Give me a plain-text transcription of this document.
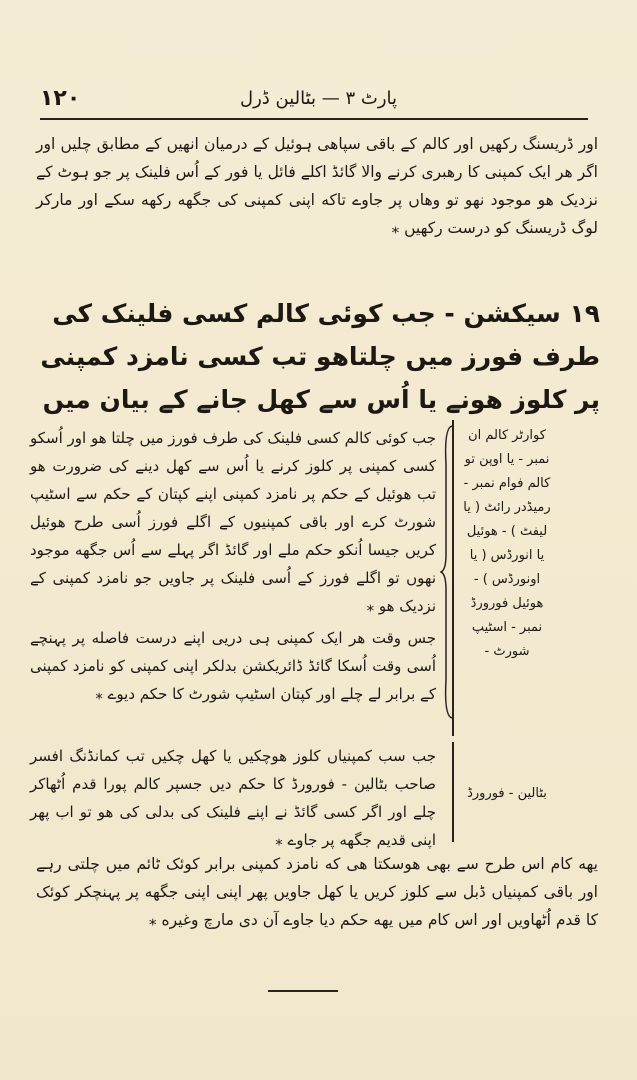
۱۲۰	پارٹ ۳ — بٹالین ڈرل
اور ڈریسنگ رکھیں اور کالم کے باقی سپاهی ہوئیل کے درمیان انھیں کے مطابق چلیں اور اگر هر ایک کمپنی کا رهبری کرنے والا گائڈ اکلے فائل یا فور کے اُس فلینک پر جو ہوٹ کے نزدیک هو موجود نهو تو وهاں پر جاوے تاکه اپنی کمپنی کی جگهه رکهه سکے اور مارکر لوگ ڈریسنگ کو درست رکهیں ⁎
۱۹ سیکشن - جب کوئی کالم کسی فلینک کی طرف فورز میں چلتاهو تب کسی نامزد کمپنی پر کلوز هونے یا اُس سے کهل جانے کے بیان میں
کوارٹر کالم ان نمبر - یا اوپن تو کالم فوام نمبر - رمیڈدر رائٹ ( یا لیفٹ ) - هوئیل یا انورڈس ( یا اونورڈس ) - هوئیل فورورڈ نمبر - اسٹیپ شورٹ -
جب کوئی کالم کسی فلینک کی طرف فورز میں چلتا هو اور اُسکو کسی کمپنی پر کلوز کرنے یا اُس سے کهل دینے کی ضرورت هو تب هوئیل کے حکم پر نامزد کمپنی اپنے کپتان کے حکم سے اسٹیپ شورٹ کرے اور باقی کمپنیوں کے اگلے فورز اُسی طرح هوئیل کریں جیسا اُنکو حکم ملے اور گائڈ اگر پہلے سے اُس جگهه موجود نهوں تو اگلے فورز کے اُسی فلینک پر جاویں جو نامزد کمپنی کے نزدیک هو ⁎
جس وقت هر ایک کمپنی ہی دریی اپنے درست فاصله پر پہنچے اُسی وقت اُسکا گائڈ ڈائریکشن بدلکر اپنی کمپنی کو نامزد کمپنی کے برابر لے چلے اور کپتان اسٹیپ شورٹ کا حکم دیوے ⁎
بٹالین - فورورڈ
جب سب کمپنیاں کلوز هوچکیں یا کهل چکیں تب کمانڈنگ افسر صاحب بٹالین - فورورڈ کا حکم دیں جسپر کالم پورا قدم اُٹھاکر چلے اور اگر کسی گائڈ نے اپنے فلینک کی بدلی کی هو تو اب پهر اپنی قدیم جگهه پر جاوے ⁎
یهه کام اس طرح سے بهی هوسکتا هی که نامزد کمپنی برابر کوئک ٹائم میں چلتی رہے اور باقی کمپنیاں ڈبل سے کلوز کریں یا کهل جاویں پهر اپنی اپنی جگهه پر پہنچکر کوئک کا قدم اُٹهاویں اور اس کام میں یهه حکم دیا جاوے آن دی مارچ وغیره ⁎
